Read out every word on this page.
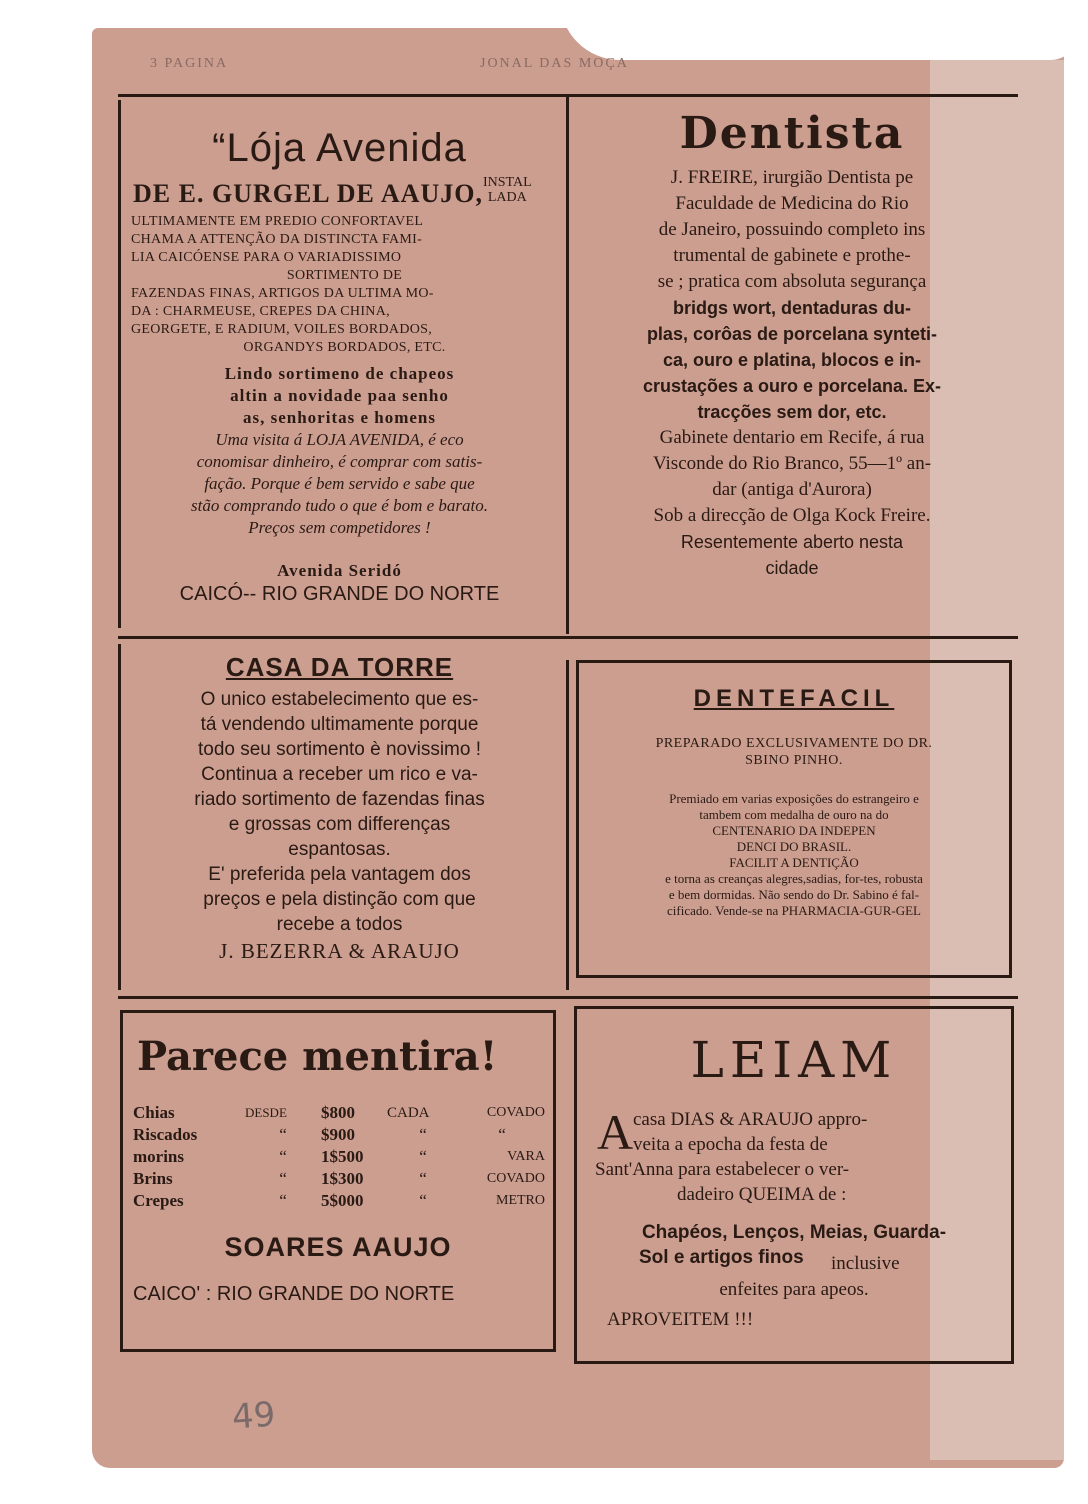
3 PAGINA	JONAL DAS MOÇA
“Lója Avenida
DE E. GURGEL DE AAUJO, INSTAL
LADA
ULTIMAMENTE EM PREDIO CONFORTAVEL
CHAMA A ATTENÇÃO DA DISTINCTA FAMI-
LIA CAICÓENSE PARA O VARIADISSIMO
SORTIMENTO DE
FAZENDAS FINAS, ARTIGOS DA ULTIMA MO-
DA : CHARMEUSE, CREPES DA CHINA,
GEORGETE, E RADIUM, VOILES BORDADOS,
ORGANDYS BORDADOS, ETC.
Lindo sortimeno de chapeos
altin a novidade paa senho
as, senhoritas e homens
Uma visita á LOJA AVENIDA, é eco
conomisar dinheiro, é comprar com satis-
fação. Porque é bem servido e sabe que
stão comprando tudo o que é bom e barato.
Preços sem competidores !
Avenida Seridó
CAICÓ-- RIO GRANDE DO NORTE
Dentista
J. FREIRE, irurgião Dentista pe
Faculdade de Medicina do Rio
de Janeiro, possuindo completo ins
trumental de gabinete e prothe-
se ; pratica com absoluta segurança
bridgs wort, dentaduras du-
plas, corôas de porcelana synteti-
ca, ouro e platina, blocos e in-
crustações a ouro e porcelana. Ex-
tracções sem dor, etc.
Gabinete dentario em Recife, á rua
Visconde do Rio Branco, 55—1º an-
dar (antiga d'Aurora)
Sob a direcção de Olga Kock Freire.
Resentemente aberto nesta
cidade
CASA DA TORRE
O unico estabelecimento que es-
tá vendendo ultimamente porque
todo seu sortimento è novissimo !
Continua a receber um rico e va-
riado sortimento de fazendas finas
e grossas com differenças
espantosas.
E' preferida pela vantagem dos
preços e pela distinção com que
recebe a todos
J. BEZERRA & ARAUJO
DENTEFACIL
PREPARADO EXCLUSIVAMENTE DO DR.
SBINO PINHO.
Premiado em varias exposições do estrangeiro e
tambem com medalha de ouro na do
CENTENARIO DA INDEPEN
DENCI DO BRASIL.
FACILIT A DENTIÇÃO
e torna as creanças alegres,sadias, for-tes, robusta
e bem dormidas. Não sendo do Dr. Sabino é fal-
cificado. Vende-se na PHARMACIA-GUR-GEL
Parece mentira!
Chias	DESDE	$800	CADA	COVADO
Riscados	“	$900	“	“
morins	“	1$500	“	VARA
Brins	“	1$300	“	COVADO
Crepes	“	5$000	“	METRO
SOARES AAUJO
CAICO' : RIO GRANDE DO NORTE
LEIAM
A casa DIAS & ARAUJO appro-
veita a epocha da festa de
Sant'Anna para estabelecer o ver-
dadeiro QUEIMA de :
Chapéos, Lenços, Meias, Guarda-
Sol e artigos finos inclusive
enfeites para apeos.
APROVEITEM !!!
49
